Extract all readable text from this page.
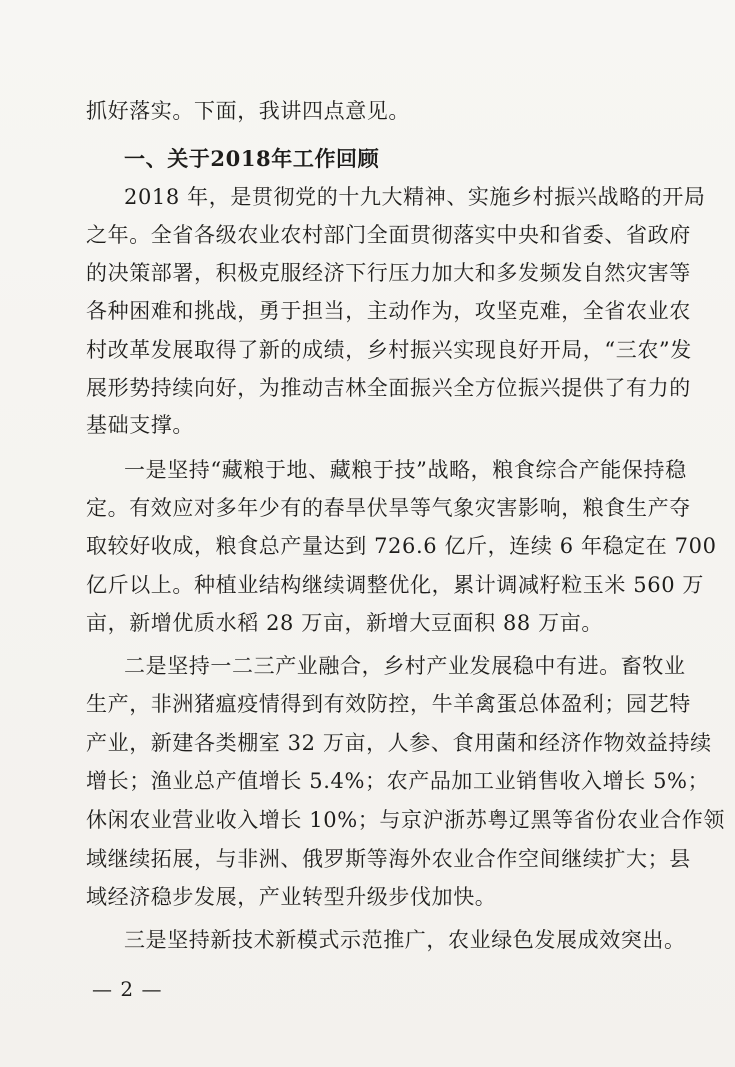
抓好落实。下面，我讲四点意见。
一、关于2018年工作回顾
2018 年，是贯彻党的十九大精神、实施乡村振兴战略的开局
之年。全省各级农业农村部门全面贯彻落实中央和省委、省政府
的决策部署，积极克服经济下行压力加大和多发频发自然灾害等
各种困难和挑战，勇于担当，主动作为，攻坚克难，全省农业农
村改革发展取得了新的成绩，乡村振兴实现良好开局，“三农”发
展形势持续向好，为推动吉林全面振兴全方位振兴提供了有力的
基础支撑。
一是坚持“藏粮于地、藏粮于技”战略，粮食综合产能保持稳
定。有效应对多年少有的春旱伏旱等气象灾害影响，粮食生产夺
取较好收成，粮食总产量达到 726.6 亿斤，连续 6 年稳定在 700
亿斤以上。种植业结构继续调整优化，累计调减籽粒玉米 560 万
亩，新增优质水稻 28 万亩，新增大豆面积 88 万亩。
二是坚持一二三产业融合，乡村产业发展稳中有进。畜牧业
生产，非洲猪瘟疫情得到有效防控，牛羊禽蛋总体盈利；园艺特
产业，新建各类棚室 32 万亩，人参、食用菌和经济作物效益持续
增长；渔业总产值增长 5.4%；农产品加工业销售收入增长 5%；
休闲农业营业收入增长 10%；与京沪浙苏粤辽黑等省份农业合作领
域继续拓展，与非洲、俄罗斯等海外农业合作空间继续扩大；县
域经济稳步发展，产业转型升级步伐加快。
三是坚持新技术新模式示范推广，农业绿色发展成效突出。
— 2 —
